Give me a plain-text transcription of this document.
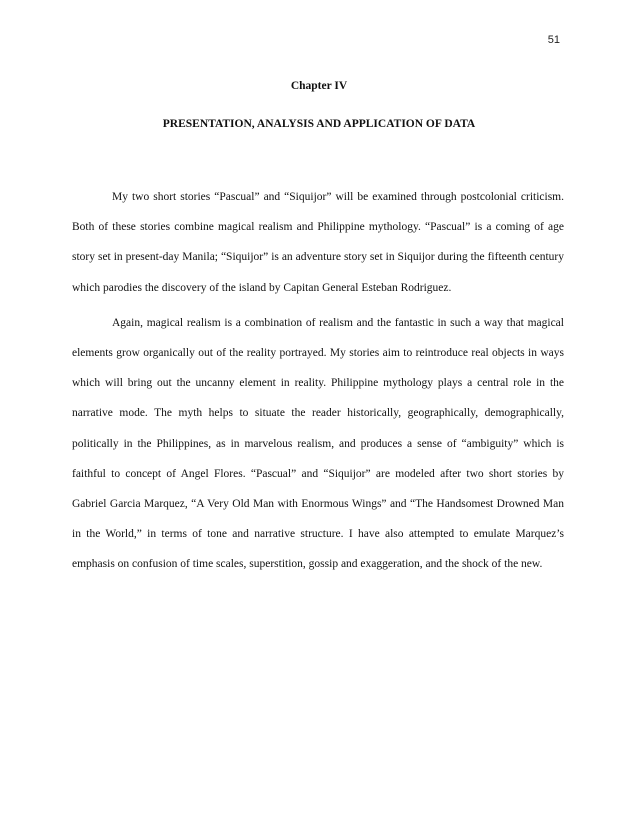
51
Chapter IV
PRESENTATION, ANALYSIS AND APPLICATION OF DATA

My two short stories “Pascual” and “Siquijor” will be examined through postcolonial criticism. Both of these stories combine magical realism and Philippine mythology. “Pascual” is a coming of age story set in present-day Manila; “Siquijor” is an adventure story set in Siquijor during the fifteenth century which parodies the discovery of the island by Capitan General Esteban Rodriguez.

Again, magical realism is a combination of realism and the fantastic in such a way that magical elements grow organically out of the reality portrayed. My stories aim to reintroduce real objects in ways which will bring out the uncanny element in reality. Philippine mythology plays a central role in the narrative mode. The myth helps to situate the reader historically, geographically, demographically, politically in the Philippines, as in marvelous realism, and produces a sense of “ambiguity” which is faithful to concept of Angel Flores. “Pascual” and “Siquijor” are modeled after two short stories by Gabriel Garcia Marquez, “A Very Old Man with Enormous Wings” and “The Handsomest Drowned Man in the World,” in terms of tone and narrative structure. I have also attempted to emulate Marquez’s emphasis on confusion of time scales, superstition, gossip and exaggeration, and the shock of the new.
